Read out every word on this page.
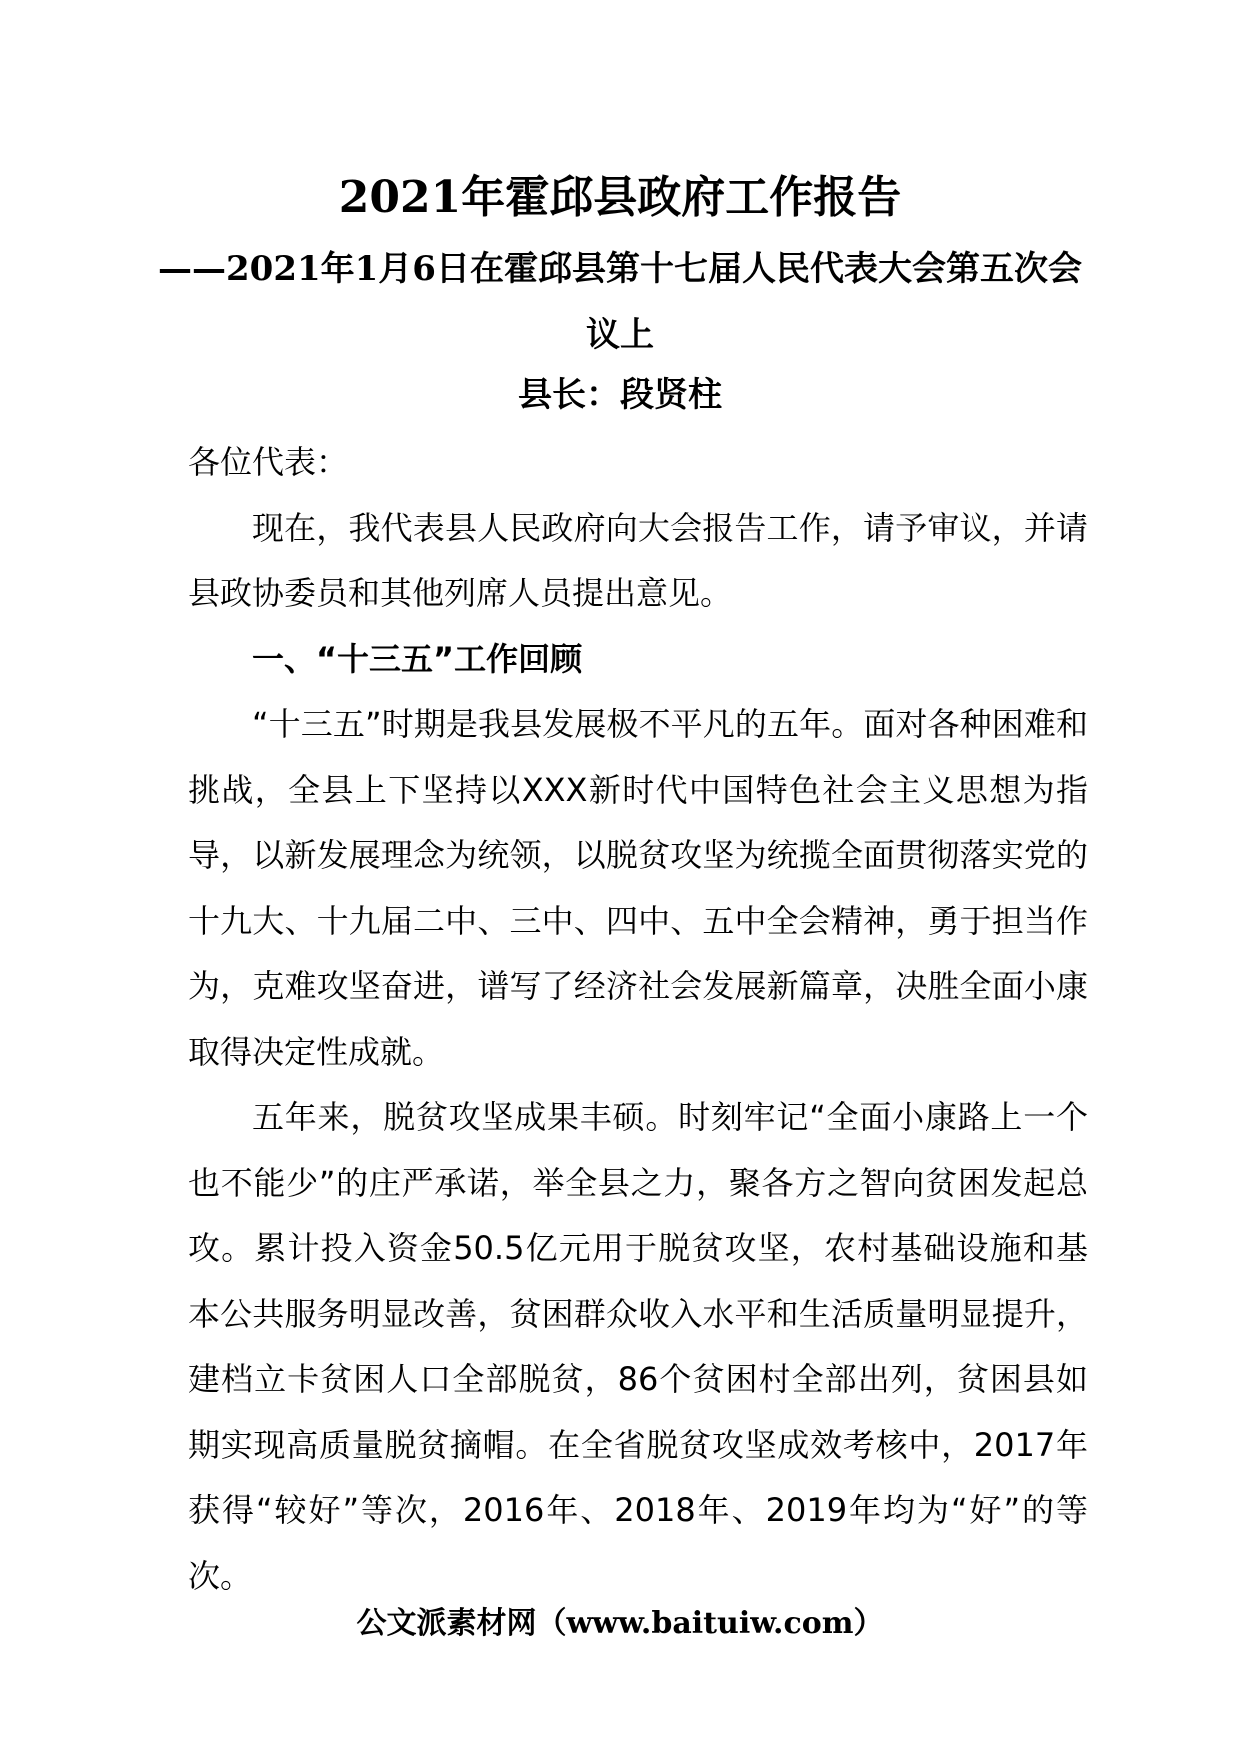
2021年霍邱县政府工作报告
——2021年1月6日在霍邱县第十七届人民代表大会第五次会议上
县长：段贤柱

各位代表：

现在，我代表县人民政府向大会报告工作，请予审议，并请县政协委员和其他列席人员提出意见。

一、“十三五”工作回顾

“十三五”时期是我县发展极不平凡的五年。面对各种困难和挑战，全县上下坚持以XXX新时代中国特色社会主义思想为指导，以新发展理念为统领，以脱贫攻坚为统揽全面贯彻落实党的十九大、十九届二中、三中、四中、五中全会精神，勇于担当作为，克难攻坚奋进，谱写了经济社会发展新篇章，决胜全面小康取得决定性成就。

五年来，脱贫攻坚成果丰硕。时刻牢记“全面小康路上一个也不能少”的庄严承诺，举全县之力，聚各方之智向贫困发起总攻。累计投入资金50.5亿元用于脱贫攻坚，农村基础设施和基本公共服务明显改善，贫困群众收入水平和生活质量明显提升，建档立卡贫困人口全部脱贫，86个贫困村全部出列，贫困县如期实现高质量脱贫摘帽。在全省脱贫攻坚成效考核中，2017年获得“较好”等次，2016年、2018年、2019年均为“好”的等次。

公文派素材网（www.baituiw.com）
